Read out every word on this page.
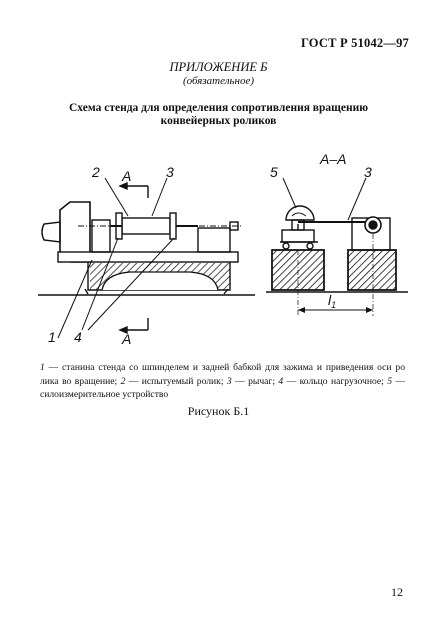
ГОСТ Р 51042—97
ПРИЛОЖЕНИЕ Б
(обязательное)
Схема стенда для определения сопротивления вращению
конвейерных роликов
2	3
1 4
A
A
А–А
5	3
$l_1$
1 — станина стенда со шпинделем и задней бабкой для зажима и приведения оси ро лика во вращение; 2 — испытуемый ролик; 3 — рычаг; 4 — кольцо нагрузочное; 5 — силоизмерительное устройство
Рисунок Б.1
12
